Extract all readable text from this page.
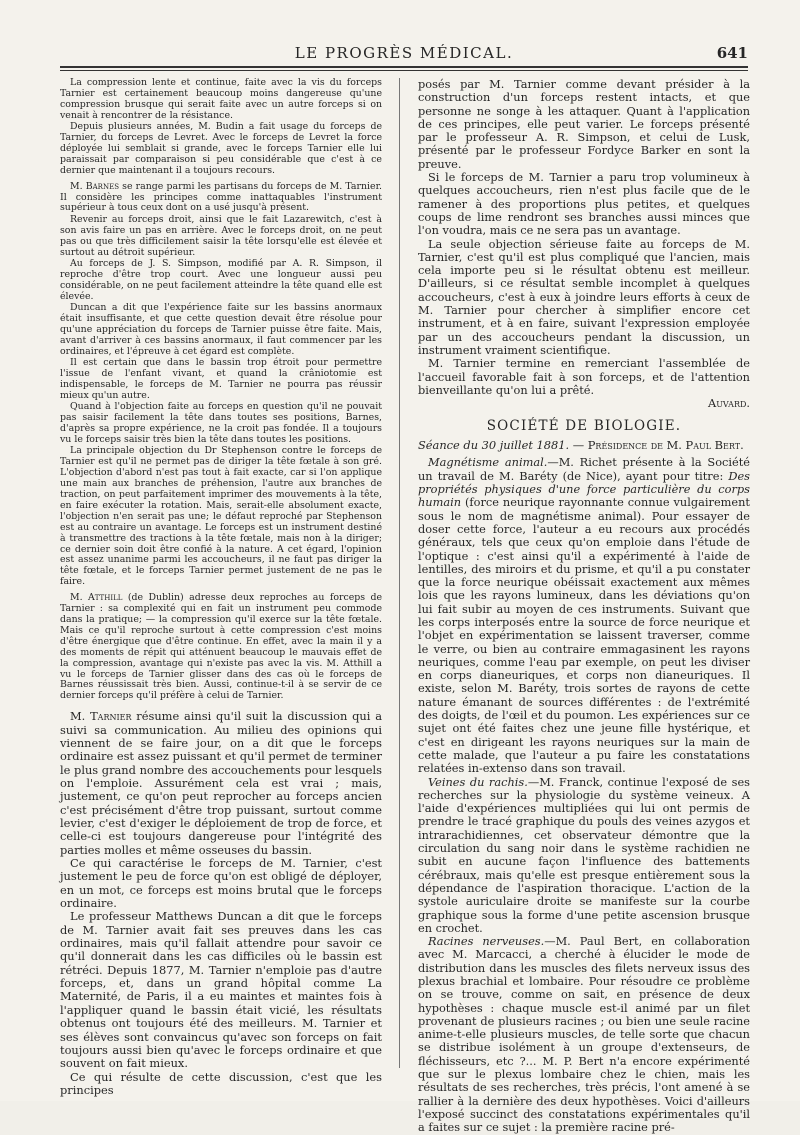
LE PROGRÈS MÉDICAL.	641

La compression lente et continue, faite avec la vis du forceps Tarnier est certainement beaucoup moins dangereuse qu'une compression brusque qui serait faite avec un autre forceps si on venait à rencontrer de la résistance.

Depuis plusieurs années, M. Budin a fait usage du forceps de Tarnier, du forceps de Levret. Avec le forceps de Levret la force déployée lui semblait si grande, avec le forceps Tarnier elle lui paraissait par comparaison si peu considérable que c'est à ce dernier que maintenant il a toujours recours.

M. Barnes se range parmi les partisans du forceps de M. Tarnier. Il considère les principes comme inattaquables l'instrument supérieur à tous ceux dont on a usé jusqu'à présent.

Revenir au forceps droit, ainsi que le fait Lazarewitch, c'est à son avis faire un pas en arrière. Avec le forceps droit, on ne peut pas ou que très difficilement saisir la tête lorsqu'elle est élevée et surtout au détroit supérieur.

Au forceps de J. S. Simpson, modifié par A. R. Simpson, il reproche d'être trop court. Avec une longueur aussi peu considérable, on ne peut facilement atteindre la tête quand elle est élevée.

Duncan a dit que l'expérience faite sur les bassins anormaux était insuffisante, et que cette question devait être résolue pour qu'une appréciation du forceps de Tarnier puisse être faite. Mais, avant d'arriver à ces bassins anormaux, il faut commencer par les ordinaires, et l'épreuve à cet égard est complète.

Il est certain que dans le bassin trop étroit pour permettre l'issue de l'enfant vivant, et quand la crâniotomie est indispensable, le forceps de M. Tarnier ne pourra pas réussir mieux qu'un autre.

Quand à l'objection faite au forceps en question qu'il ne pouvait pas saisir facilement la tête dans toutes ses positions, Barnes, d'après sa propre expérience, ne la croit pas fondée. Il a toujours vu le forceps saisir très bien la tête dans toutes les positions.

La principale objection du Dr Stephenson contre le forceps de Tarnier est qu'il ne permet pas de diriger la tête fœtale à son gré. L'objection d'abord n'est pas tout à fait exacte, car si l'on applique une main aux branches de préhension, l'autre aux branches de traction, on peut parfaitement imprimer des mouvements à la tête, en faire exécuter la rotation. Mais, serait-elle absolument exacte, l'objection n'en serait pas une; le défaut reproché par Stephenson est au contraire un avantage. Le forceps est un instrument destiné à transmettre des tractions à la tête fœtale, mais non à la diriger; ce dernier soin doit être confié à la nature. A cet égard, l'opinion est assez unanime parmi les accoucheurs, il ne faut pas diriger la tête fœtale, et le forceps Tarnier permet justement de ne pas le faire.

M. Atthill (de Dublin) adresse deux reproches au forceps de Tarnier : sa complexité qui en fait un instrument peu commode dans la pratique; — la compression qu'il exerce sur la tête fœtale. Mais ce qu'il reproche surtout à cette compression c'est moins d'être énergique que d'être continue. En effet, avec la main il y a des moments de répit qui atténuent beaucoup le mauvais effet de la compression, avantage qui n'existe pas avec la vis. M. Atthill a vu le forceps de Tarnier glisser dans des cas où le forceps de Barnes réussissait très bien. Aussi, continue-t-il à se servir de ce dernier forceps qu'il préfère à celui de Tarnier.

M. Tarnier résume ainsi qu'il suit la discussion qui a suivi sa communication. Au milieu des opinions qui viennent de se faire jour, on a dit que le forceps ordinaire est assez puissant et qu'il permet de terminer le plus grand nombre des accouchements pour lesquels on l'emploie. Assurément cela est vrai ; mais, justement, ce qu'on peut reprocher au forceps ancien c'est précisément d'être trop puissant, surtout comme levier, c'est d'exiger le déploiement de trop de force, et celle-ci est toujours dangereuse pour l'intégrité des parties molles et même osseuses du bassin.

Ce qui caractérise le forceps de M. Tarnier, c'est justement le peu de force qu'on est obligé de déployer, en un mot, ce forceps est moins brutal que le forceps ordinaire.

Le professeur Matthews Duncan a dit que le forceps de M. Tarnier avait fait ses preuves dans les cas ordinaires, mais qu'il fallait attendre pour savoir ce qu'il donnerait dans les cas difficiles où le bassin est rétréci. Depuis 1877, M. Tarnier n'emploie pas d'autre forceps, et, dans un grand hôpital comme La Maternité, de Paris, il a eu maintes et maintes fois à l'appliquer quand le bassin était vicié, les résultats obtenus ont toujours été des meilleurs. M. Tarnier et ses élèves sont convaincus qu'avec son forceps on fait toujours aussi bien qu'avec le forceps ordinaire et que souvent on fait mieux.

Ce qui résulte de cette discussion, c'est que les principes

posés par M. Tarnier comme devant présider à la construction d'un forceps restent intacts, et que personne ne songe à les attaquer. Quant à l'application de ces principes, elle peut varier. Le forceps présenté par le professeur A. R. Simpson, et celui de Lusk, présenté par le professeur Fordyce Barker en sont la preuve.

Si le forceps de M. Tarnier a paru trop volumineux à quelques accoucheurs, rien n'est plus facile que de le ramener à des proportions plus petites, et quelques coups de lime rendront ses branches aussi minces que l'on voudra, mais ce ne sera pas un avantage.

La seule objection sérieuse faite au forceps de M. Tarnier, c'est qu'il est plus compliqué que l'ancien, mais cela importe peu si le résultat obtenu est meilleur. D'ailleurs, si ce résultat semble incomplet à quelques accoucheurs, c'est à eux à joindre leurs efforts à ceux de M. Tarnier pour chercher à simplifier encore cet instrument, et à en faire, suivant l'expression employée par un des accoucheurs pendant la discussion, un instrument vraiment scientifique.

M. Tarnier termine en remerciant l'assemblée de l'accueil favorable fait à son forceps, et de l'attention bienveillante qu'on lui a prêté.

Auvard.

SOCIÉTÉ DE BIOLOGIE.
Séance du 30 juillet 1881. — Présidence de M. Paul Bert.

Magnétisme animal.—M. Richet présente à la Société un travail de M. Baréty (de Nice), ayant pour titre: Des propriétés physiques d'une force particulière du corps humain (force neurique rayonnante connue vulgairement sous le nom de magnétisme animal). Pour essayer de doser cette force, l'auteur a eu recours aux procédés généraux, tels que ceux qu'on emploie dans l'étude de l'optique : c'est ainsi qu'il a expérimenté à l'aide de lentilles, des miroirs et du prisme, et qu'il a pu constater que la force neurique obéissait exactement aux mêmes lois que les rayons lumineux, dans les déviations qu'on lui fait subir au moyen de ces instruments. Suivant que les corps interposés entre la source de force neurique et l'objet en expérimentation se laissent traverser, comme le verre, ou bien au contraire emmagasinent les rayons neuriques, comme l'eau par exemple, on peut les diviser en corps dianeuriques, et corps non dianeuriques. Il existe, selon M. Baréty, trois sortes de rayons de cette nature émanant de sources différentes : de l'extrémité des doigts, de l'œil et du poumon. Les expériences sur ce sujet ont été faites chez une jeune fille hystérique, et c'est en dirigeant les rayons neuriques sur la main de cette malade, que l'auteur a pu faire les constatations relatées in-extenso dans son travail.

Veines du rachis.—M. Franck, continue l'exposé de ses recherches sur la physiologie du système veineux. A l'aide d'expériences multipliées qui lui ont permis de prendre le tracé graphique du pouls des veines azygos et intrarachidiennes, cet observateur démontre que la circulation du sang noir dans le système rachidien ne subit en aucune façon l'influence des battements cérébraux, mais qu'elle est presque entièrement sous la dépendance de l'aspiration thoracique. L'action de la systole auriculaire droite se manifeste sur la courbe graphique sous la forme d'une petite ascension brusque en crochet.

Racines nerveuses.—M. Paul Bert, en collaboration avec M. Marcacci, a cherché à élucider le mode de distribution dans les muscles des filets nerveux issus des plexus brachial et lombaire. Pour résoudre ce problème on se trouve, comme on sait, en présence de deux hypothèses : chaque muscle est-il animé par un filet provenant de plusieurs racines ; ou bien une seule racine anime-t-elle plusieurs muscles, de telle sorte que chacun se distribue isolément à un groupe d'extenseurs, de fléchisseurs, etc ?... M. P. Bert n'a encore expérimenté que sur le plexus lombaire chez le chien, mais les résultats de ses recherches, très précis, l'ont amené à se rallier à la dernière des deux hypothèses. Voici d'ailleurs l'exposé succinct des constatations expérimentales qu'il a faites sur ce sujet : la première racine pré-
